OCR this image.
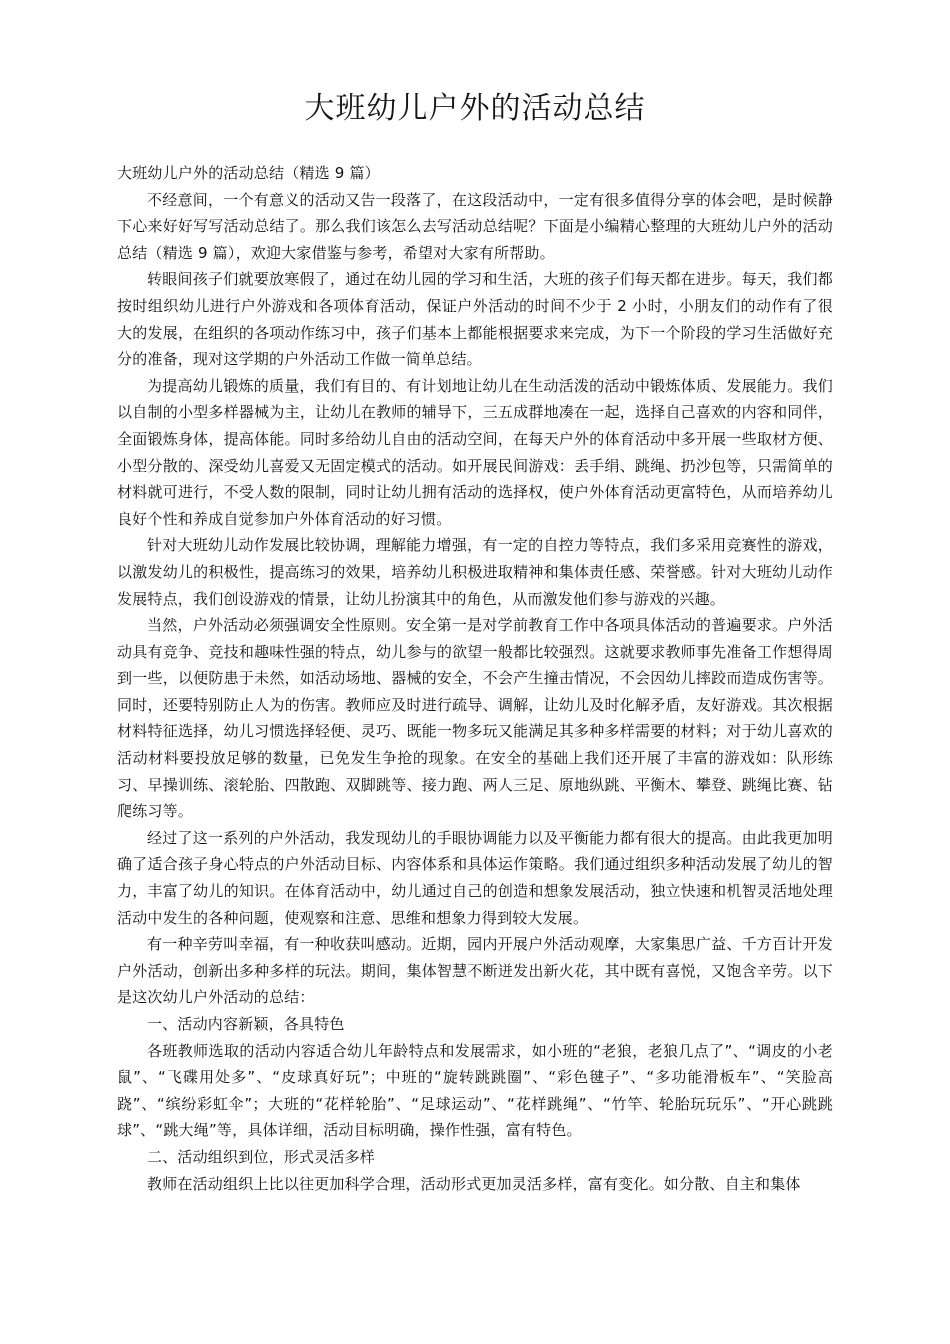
大班幼儿户外的活动总结

大班幼儿户外的活动总结（精选 9 篇）

不经意间，一个有意义的活动又告一段落了，在这段活动中，一定有很多值得分享的体会吧，是时候静下心来好好写写活动总结了。那么我们该怎么去写活动总结呢？下面是小编精心整理的大班幼儿户外的活动总结（精选 9 篇），欢迎大家借鉴与参考，希望对大家有所帮助。

转眼间孩子们就要放寒假了，通过在幼儿园的学习和生活，大班的孩子们每天都在进步。每天，我们都按时组织幼儿进行户外游戏和各项体育活动，保证户外活动的时间不少于 2 小时，小朋友们的动作有了很大的发展，在组织的各项动作练习中，孩子们基本上都能根据要求来完成，为下一个阶段的学习生活做好充分的准备，现对这学期的户外活动工作做一简单总结。

为提高幼儿锻炼的质量，我们有目的、有计划地让幼儿在生动活泼的活动中锻炼体质、发展能力。我们以自制的小型多样器械为主，让幼儿在教师的辅导下，三五成群地凑在一起，选择自己喜欢的内容和同伴，全面锻炼身体，提高体能。同时多给幼儿自由的活动空间，在每天户外的体育活动中多开展一些取材方便、小型分散的、深受幼儿喜爱又无固定模式的活动。如开展民间游戏：丢手绢、跳绳、扔沙包等，只需简单的材料就可进行，不受人数的限制，同时让幼儿拥有活动的选择权，使户外体育活动更富特色，从而培养幼儿良好个性和养成自觉参加户外体育活动的好习惯。

针对大班幼儿动作发展比较协调，理解能力增强，有一定的自控力等特点，我们多采用竞赛性的游戏，以激发幼儿的积极性，提高练习的效果，培养幼儿积极进取精神和集体责任感、荣誉感。针对大班幼儿动作发展特点，我们创设游戏的情景，让幼儿扮演其中的角色，从而激发他们参与游戏的兴趣。

当然，户外活动必须强调安全性原则。安全第一是对学前教育工作中各项具体活动的普遍要求。户外活动具有竞争、竞技和趣味性强的特点，幼儿参与的欲望一般都比较强烈。这就要求教师事先准备工作想得周到一些，以便防患于未然，如活动场地、器械的安全，不会产生撞击情况，不会因幼儿摔跤而造成伤害等。同时，还要特别防止人为的伤害。教师应及时进行疏导、调解，让幼儿及时化解矛盾，友好游戏。其次根据材料特征选择，幼儿习惯选择轻便、灵巧、既能一物多玩又能满足其多种多样需要的材料；对于幼儿喜欢的活动材料要投放足够的数量，已免发生争抢的现象。在安全的基础上我们还开展了丰富的游戏如：队形练习、早操训练、滚轮胎、四散跑、双脚跳等、接力跑、两人三足、原地纵跳、平衡木、攀登、跳绳比赛、钻爬练习等。

经过了这一系列的户外活动，我发现幼儿的手眼协调能力以及平衡能力都有很大的提高。由此我更加明确了适合孩子身心特点的户外活动目标、内容体系和具体运作策略。我们通过组织多种活动发展了幼儿的智力，丰富了幼儿的知识。在体育活动中，幼儿通过自己的创造和想象发展活动，独立快速和机智灵活地处理活动中发生的各种问题，使观察和注意、思维和想象力得到较大发展。

有一种辛劳叫幸福，有一种收获叫感动。近期，园内开展户外活动观摩，大家集思广益、千方百计开发户外活动，创新出多种多样的玩法。期间，集体智慧不断迸发出新火花，其中既有喜悦，又饱含辛劳。以下是这次幼儿户外活动的总结：

一、活动内容新颖，各具特色

各班教师选取的活动内容适合幼儿年龄特点和发展需求，如小班的“老狼，老狼几点了”、“调皮的小老鼠”、“飞碟用处多”、“皮球真好玩”；中班的“旋转跳跳圈”、“彩色毽子”、“多功能滑板车”、“笑脸高跷”、“缤纷彩虹伞”；大班的“花样轮胎”、“足球运动”、“花样跳绳”、“竹竿、轮胎玩玩乐”、“开心跳跳球”、“跳大绳”等，具体详细，活动目标明确，操作性强，富有特色。

二、活动组织到位，形式灵活多样

教师在活动组织上比以往更加科学合理，活动形式更加灵活多样，富有变化。如分散、自主和集体
